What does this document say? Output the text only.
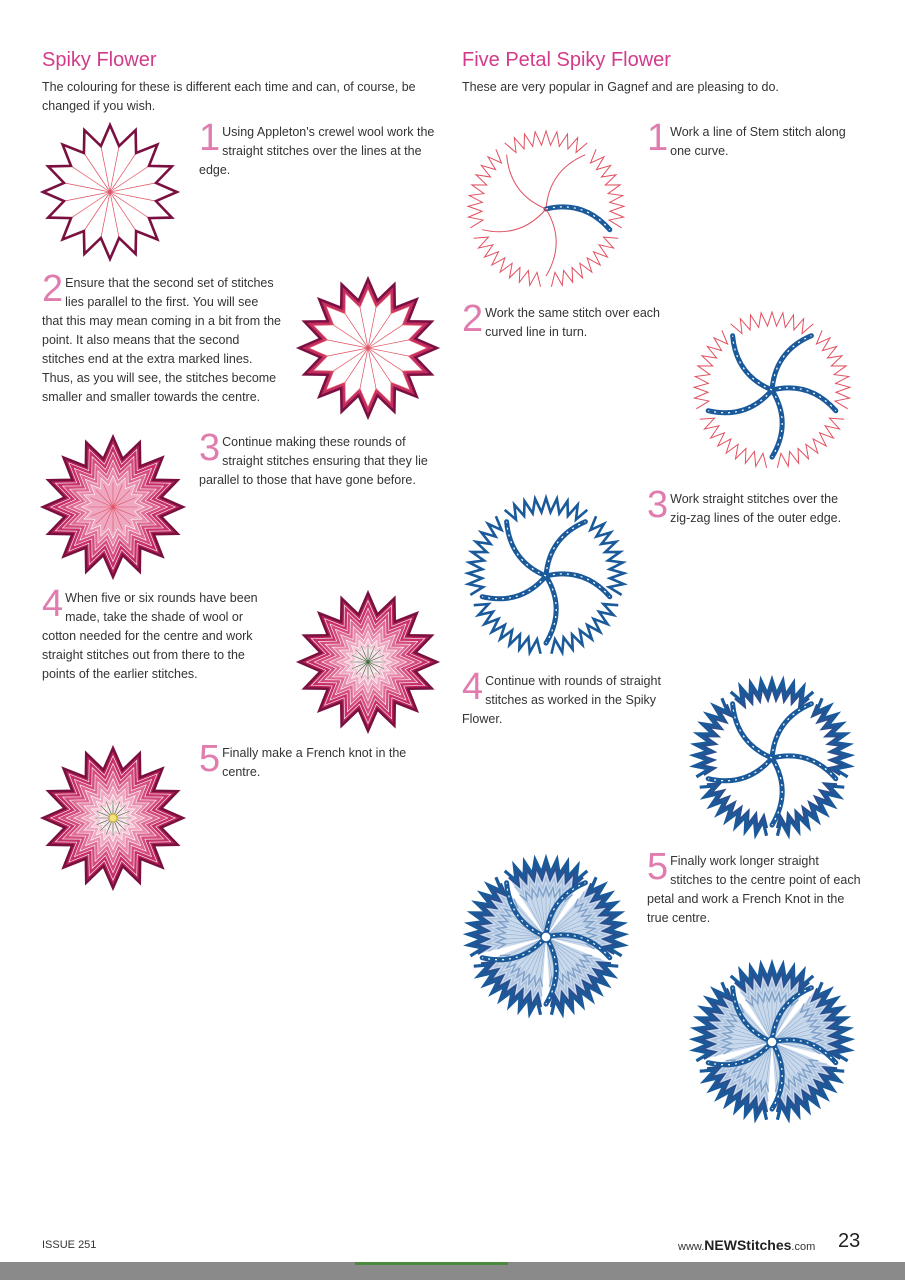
Spiky Flower

The colouring for these is different each time and can, of course, be changed if you wish.

1 Using Appleton's crewel wool work the straight stitches over the lines at the edge.
2 Ensure that the second set of stitches lies parallel to the first. You will see that this may mean coming in a bit from the point. It also means that the second stitches end at the extra marked lines. Thus, as you will see, the stitches become smaller and smaller towards the centre.
3 Continue making these rounds of straight stitches ensuring that they lie parallel to those that have gone before.
4 When five or six rounds have been made, take the shade of wool or cotton needed for the centre and work straight stitches out from there to the points of the earlier stitches.
5 Finally make a French knot in the centre.
Five Petal Spiky Flower

These are very popular in Gagnef and are pleasing to do.

1 Work a line of Stem stitch along one curve.
2 Work the same stitch over each curved line in turn.
3 Work straight stitches over the zig-zag lines of the outer edge.
4 Continue with rounds of straight stitches as worked in the Spiky Flower.
5 Finally work longer straight stitches to the centre point of each petal and work a French Knot in the true centre.
ISSUE 251	www.NEWStitches.com 23
